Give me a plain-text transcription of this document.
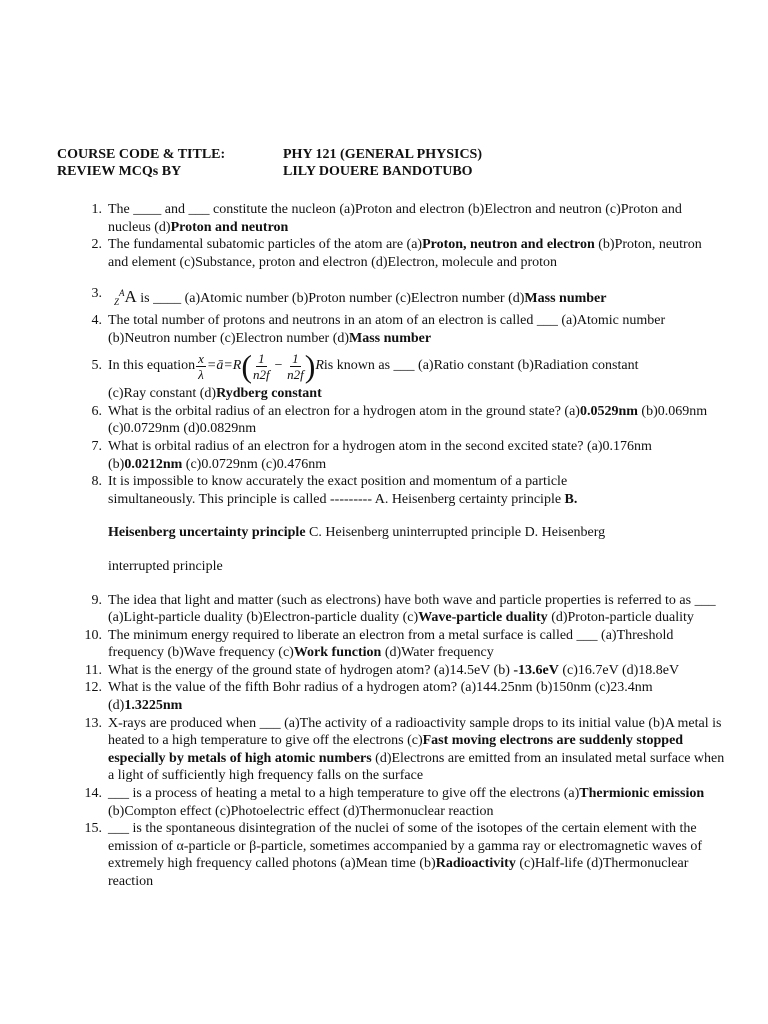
COURSE CODE & TITLE:	PHY 121 (GENERAL PHYSICS)
REVIEW MCQs BY	LILY DOUERE BANDOTUBO
1. The ____ and ___ constitute the nucleon (a)Proton and electron (b)Electron and neutron (c)Proton and nucleus (d)Proton and neutron
2. The fundamental subatomic particles of the atom are (a)Proton, neutron and electron (b)Proton, neutron and element (c)Substance, proton and electron (d)Electron, molecule and proton
3.
$_Z^A$A is ____ (a)Atomic number (b)Proton number (c)Electron number (d)Mass number
4. The total number of protons and neutrons in an atom of an electron is called ___ (a)Atomic number (b)Neutron number (c)Electron number (d)Mass number
5. In this equation $\frac{x}{\lambda}$ =ā=R ( $\frac{1}{n2f} - \frac{1}{n2f}$ ) R is known as ___ (a)Ratio constant (b)Radiation constant
(c)Ray constant (d)Rydberg constant
6. What is the orbital radius of an electron for a hydrogen atom in the ground state? (a)0.0529nm (b)0.069nm (c)0.0729nm (d)0.0829nm
7. What is orbital radius of an electron for a hydrogen atom in the second excited state? (a)0.176nm (b)0.0212nm (c)0.0729nm (c)0.476nm
8. It is impossible to know accurately the exact position and momentum of a particle
simultaneously. This principle is called --------- A. Heisenberg certainty principle B.
Heisenberg uncertainty principle C. Heisenberg uninterrupted principle D. Heisenberg
interrupted principle
9. The idea that light and matter (such as electrons) have both wave and particle properties is referred to as ___ (a)Light-particle duality (b)Electron-particle duality (c)Wave-particle duality (d)Proton-particle duality
10. The minimum energy required to liberate an electron from a metal surface is called ___ (a)Threshold frequency (b)Wave frequency (c)Work function (d)Water frequency
11. What is the energy of the ground state of hydrogen atom? (a)14.5eV (b) -13.6eV (c)16.7eV (d)18.8eV
12. What is the value of the fifth Bohr radius of a hydrogen atom? (a)144.25nm (b)150nm (c)23.4nm (d)1.3225nm
13. X-rays are produced when ___ (a)The activity of a radioactivity sample drops to its initial value (b)A metal is heated to a high temperature to give off the electrons (c)Fast moving electrons are suddenly stopped especially by metals of high atomic numbers (d)Electrons are emitted from an insulated metal surface when a light of sufficiently high frequency falls on the surface
14. ___ is a process of heating a metal to a high temperature to give off the electrons (a)Thermionic emission (b)Compton effect (c)Photoelectric effect (d)Thermonuclear reaction
15. ___ is the spontaneous disintegration of the nuclei of some of the isotopes of the certain element with the emission of α-particle or β-particle, sometimes accompanied by a gamma ray or electromagnetic waves of extremely high frequency called photons (a)Mean time (b)Radioactivity (c)Half-life (d)Thermonuclear reaction
